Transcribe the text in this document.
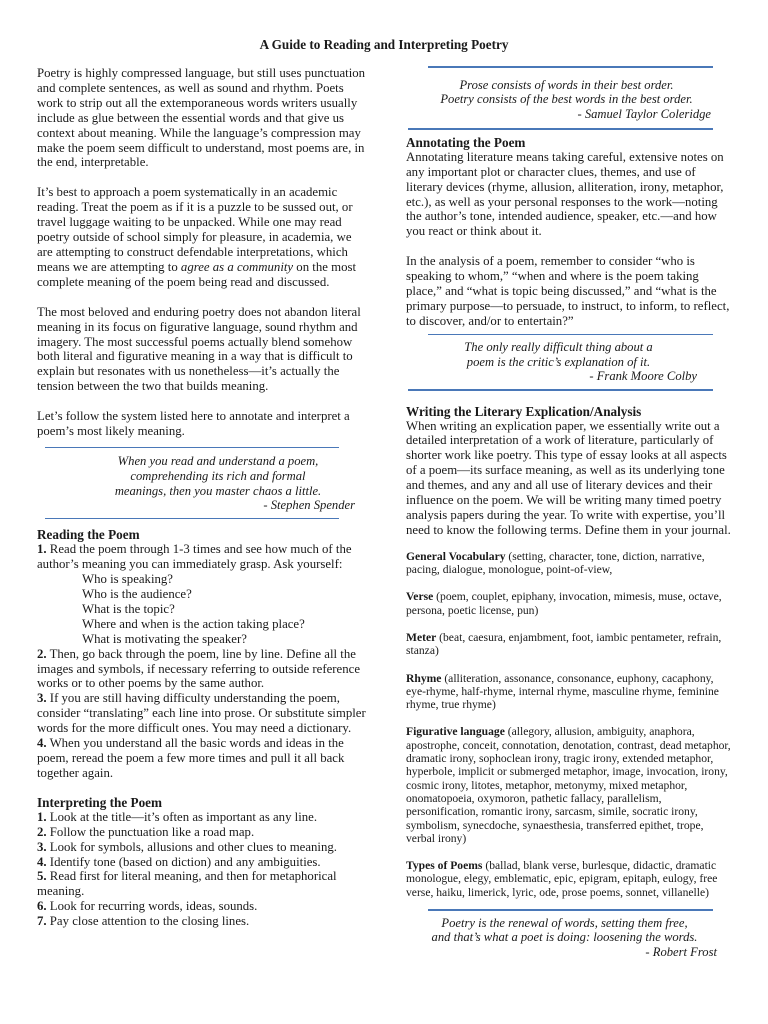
A Guide to Reading and Interpreting Poetry

Poetry is highly compressed language, but still uses punctuation and complete sentences, as well as sound and rhythm. Poets work to strip out all the extemporaneous words writers usually include as glue between the essential words and that give us context about meaning. While the language’s compression may make the poem seem difficult to understand, most poems are, in the end, interpretable.

It’s best to approach a poem systematically in an academic reading. Treat the poem as if it is a puzzle to be sussed out, or travel luggage waiting to be unpacked. While one may read poetry outside of school simply for pleasure, in academia, we are attempting to construct defendable interpretations, which means we are attempting to agree as a community on the most complete meaning of the poem being read and discussed.

The most beloved and enduring poetry does not abandon literal meaning in its focus on figurative language, sound rhythm and imagery. The most successful poems actually blend somehow both literal and figurative meaning in a way that is difficult to explain but resonates with us nonetheless—it’s actually the tension between the two that builds meaning.

Let’s follow the system listed here to annotate and interpret a poem’s most likely meaning.

When you read and understand a poem,
comprehending its rich and formal
meanings, then you master chaos a little.
- Stephen Spender
Reading the Poem

1. Read the poem through 1-3 times and see how much of the author’s meaning you can immediately grasp. Ask yourself:

Who is speaking?
Who is the audience?
What is the topic?
Where and when is the action taking place?
What is motivating the speaker?

2. Then, go back through the poem, line by line. Define all the images and symbols, if necessary referring to outside reference works or to other poems by the same author.

3. If you are still having difficulty understanding the poem, consider “translating” each line into prose. Or substitute simpler words for the more difficult ones. You may need a dictionary.

4. When you understand all the basic words and ideas in the poem, reread the poem a few more times and pull it all back together again.

Interpreting the Poem
1. Look at the title—it’s often as important as any line.
2. Follow the punctuation like a road map.
3. Look for symbols, allusions and other clues to meaning.
4. Identify tone (based on diction) and any ambiguities.
5. Read first for literal meaning, and then for metaphorical meaning.
6. Look for recurring words, ideas, sounds.
7. Pay close attention to the closing lines.
Prose consists of words in their best order.
Poetry consists of the best words in the best order.
- Samuel Taylor Coleridge
Annotating the Poem

Annotating literature means taking careful, extensive notes on any important plot or character clues, themes, and use of literary devices (rhyme, allusion, alliteration, irony, metaphor, etc.), as well as your personal responses to the work—noting the author’s tone, intended audience, speaker, etc.—and how you react or think about it.

In the analysis of a poem, remember to consider “who is speaking to whom,” “when and where is the poem taking place,” and “what is topic being discussed,” and “what is the primary purpose—to persuade, to instruct, to inform, to reflect, to discover, and/or to entertain?”

The only really difficult thing about a
poem is the critic’s explanation of it.
- Frank Moore Colby
Writing the Literary Explication/Analysis

When writing an explication paper, we essentially write out a detailed interpretation of a work of literature, particularly of shorter work like poetry. This type of essay looks at all aspects of a poem—its surface meaning, as well as its underlying tone and themes, and any and all use of literary devices and their influence on the poem. We will be writing many timed poetry analysis papers during the year. To write with expertise, you’ll need to know the following terms. Define them in your journal.

General Vocabulary (setting, character, tone, diction, narrative, pacing, dialogue, monologue, point-of-view,

Verse (poem, couplet, epiphany, invocation, mimesis, muse, octave, persona, poetic license, pun)

Meter (beat, caesura, enjambment, foot, iambic pentameter, refrain, stanza)

Rhyme (alliteration, assonance, consonance, euphony, cacaphony, eye-rhyme, half-rhyme, internal rhyme, masculine rhyme, feminine rhyme, true rhyme)

Figurative language (allegory, allusion, ambiguity, anaphora, apostrophe, conceit, connotation, denotation, contrast, dead metaphor, dramatic irony, sophoclean irony, tragic irony, extended metaphor, hyperbole, implicit or submerged metaphor, image, invocation, irony, cosmic irony, litotes, metaphor, metonymy, mixed metaphor, onomatopoeia, oxymoron, pathetic fallacy, parallelism, personification, romantic irony, sarcasm, simile, socratic irony, symbolism, synecdoche, synaesthesia, transferred epithet, trope, verbal irony)

Types of Poems (ballad, blank verse, burlesque, didactic, dramatic monologue, elegy, emblematic, epic, epigram, epitaph, eulogy, free verse, haiku, limerick, lyric, ode, prose poems, sonnet, villanelle)

Poetry is the renewal of words, setting them free,
and that’s what a poet is doing: loosening the words.
- Robert Frost
